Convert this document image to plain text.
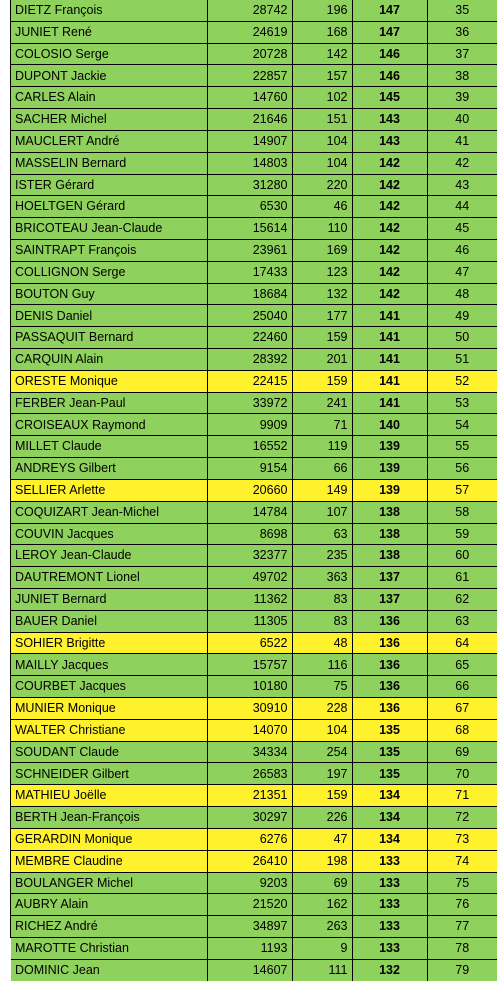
DIETZ François	28742	196	147	35
JUNIET René	24619	168	147	36
COLOSIO Serge	20728	142	146	37
DUPONT Jackie	22857	157	146	38
CARLES Alain	14760	102	145	39
SACHER Michel	21646	151	143	40
MAUCLERT André	14907	104	143	41
MASSELIN Bernard	14803	104	142	42
ISTER Gérard	31280	220	142	43
HOELTGEN Gérard	6530	46	142	44
BRICOTEAU Jean-Claude	15614	110	142	45
SAINTRAPT François	23961	169	142	46
COLLIGNON Serge	17433	123	142	47
BOUTON Guy	18684	132	142	48
DENIS Daniel	25040	177	141	49
PASSAQUIT Bernard	22460	159	141	50
CARQUIN Alain	28392	201	141	51
ORESTE Monique	22415	159	141	52
FERBER Jean-Paul	33972	241	141	53
CROISEAUX Raymond	9909	71	140	54
MILLET Claude	16552	119	139	55
ANDREYS Gilbert	9154	66	139	56
SELLIER Arlette	20660	149	139	57
COQUIZART Jean-Michel	14784	107	138	58
COUVIN Jacques	8698	63	138	59
LEROY Jean-Claude	32377	235	138	60
DAUTREMONT Lionel	49702	363	137	61
JUNIET Bernard	11362	83	137	62
BAUER Daniel	11305	83	136	63
SOHIER Brigitte	6522	48	136	64
MAILLY Jacques	15757	116	136	65
COURBET Jacques	10180	75	136	66
MUNIER Monique	30910	228	136	67
WALTER Christiane	14070	104	135	68
SOUDANT Claude	34334	254	135	69
SCHNEIDER Gilbert	26583	197	135	70
MATHIEU Joëlle	21351	159	134	71
BERTH Jean-François	30297	226	134	72
GERARDIN Monique	6276	47	134	73
MEMBRE Claudine	26410	198	133	74
BOULANGER Michel	9203	69	133	75
AUBRY Alain	21520	162	133	76
RICHEZ André	34897	263	133	77
MAROTTE Christian	1193	9	133	78
DOMINIC Jean	14607	111	132	79
